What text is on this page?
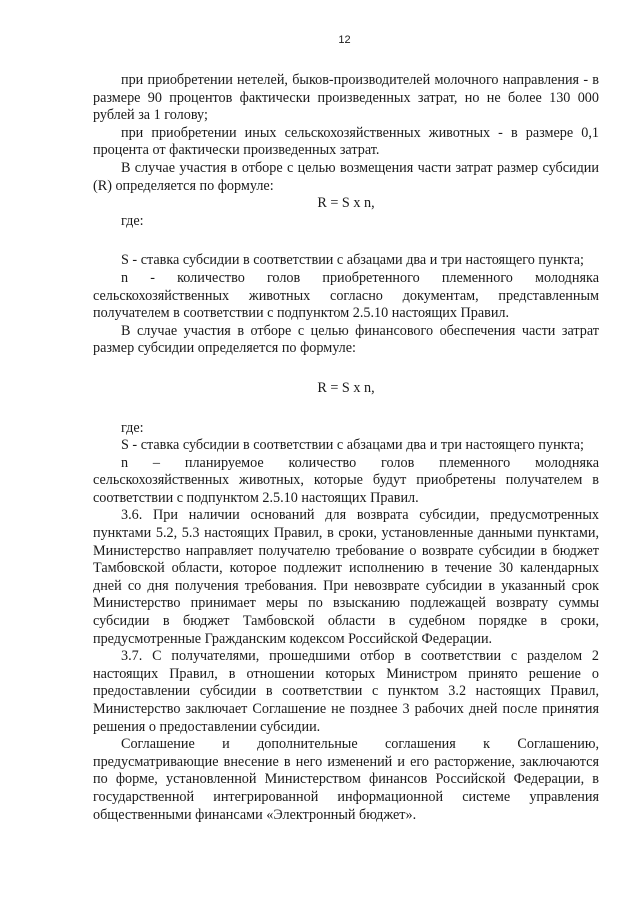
12

при приобретении нетелей, быков-производителей молочного направления - в размере 90 процентов фактически произведенных затрат, но не более 130 000 рублей за 1 голову;

при приобретении иных сельскохозяйственных животных - в размере 0,1 процента от фактически произведенных затрат.

В случае участия в отборе с целью возмещения части затрат размер субсидии (R) определяется по формуле:

R = S x n,

где:

S - ставка субсидии в соответствии с абзацами два и три настоящего пункта;

n - количество голов приобретенного племенного молодняка сельскохозяйственных животных согласно документам, представленным получателем в соответствии с подпунктом 2.5.10 настоящих Правил.

В случае участия в отборе с целью финансового обеспечения части затрат размер субсидии определяется по формуле:

R = S x n,

где:

S - ставка субсидии в соответствии с абзацами два и три настоящего пункта;

n – планируемое количество голов племенного молодняка сельскохозяйственных животных, которые будут приобретены получателем в соответствии с подпунктом 2.5.10 настоящих Правил.

3.6. При наличии оснований для возврата субсидии, предусмотренных пунктами 5.2, 5.3 настоящих Правил, в сроки, установленные данными пунктами, Министерство направляет получателю требование о возврате субсидии в бюджет Тамбовской области, которое подлежит исполнению в течение 30 календарных дней со дня получения требования. При невозврате субсидии в указанный срок Министерство принимает меры по взысканию подлежащей возврату суммы субсидии в бюджет Тамбовской области в судебном порядке в сроки, предусмотренные Гражданским кодексом Российской Федерации.

3.7. С получателями, прошедшими отбор в соответствии с разделом 2 настоящих Правил, в отношении которых Министром принято решение о предоставлении субсидии в соответствии с пунктом 3.2 настоящих Правил, Министерство заключает Соглашение не позднее 3 рабочих дней после принятия решения о предоставлении субсидии.

Соглашение и дополнительные соглашения к Соглашению, предусматривающие внесение в него изменений и его расторжение, заключаются по форме, установленной Министерством финансов Российской Федерации, в государственной интегрированной информационной системе управления общественными финансами «Электронный бюджет».
